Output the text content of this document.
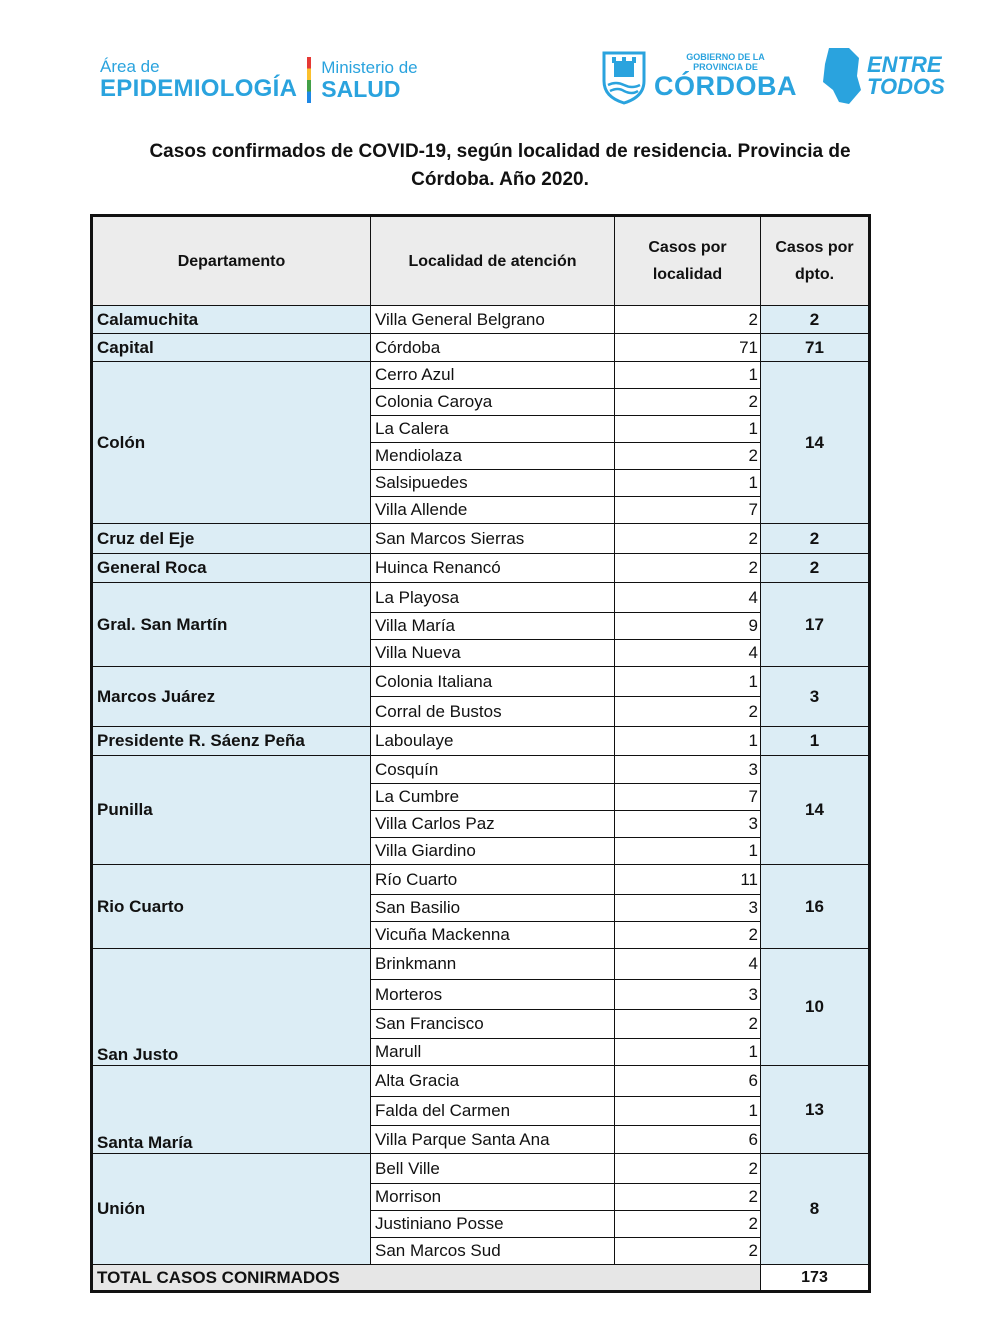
Área de
EPIDEMIOLOGÍA
Ministerio de
SALUD
GOBIERNO DE LA
PROVINCIA DE
CÓRDOBA
ENTRE
TODOS
Casos confirmados de COVID-19, según localidad de residencia. Provincia de
Córdoba. Año 2020.
Departamento	Localidad de atención	Casos por localidad	Casos por dpto.
Calamuchita	Villa General Belgrano	2	2
Capital	Córdoba	71	71
Colón	Cerro Azul	1	14
	Colonia Caroya	2	
	La Calera	1	
	Mendiolaza	2	
	Salsipuedes	1	
	Villa Allende	7	
Cruz del Eje	San Marcos Sierras	2	2
General Roca	Huinca Renancó	2	2
Gral. San Martín	La Playosa	4	17
	Villa María	9	
	Villa Nueva	4	
Marcos Juárez	Colonia Italiana	1	3
	Corral de Bustos	2	
Presidente R. Sáenz Peña	Laboulaye	1	1
Punilla	Cosquín	3	14
	La Cumbre	7	
	Villa Carlos Paz	3	
	Villa Giardino	1	
Rio Cuarto	Río Cuarto	11	16
	San Basilio	3	
	Vicuña Mackenna	2	
San Justo	Brinkmann	4	10
	Morteros	3	
	San Francisco	2	
	Marull	1	
Santa María	Alta Gracia	6	13
	Falda del Carmen	1	
	Villa Parque Santa Ana	6	
Unión	Bell Ville	2	8
	Morrison	2	
	Justiniano Posse	2	
	San Marcos Sud	2	
TOTAL CASOS CONIRMADOS			173
